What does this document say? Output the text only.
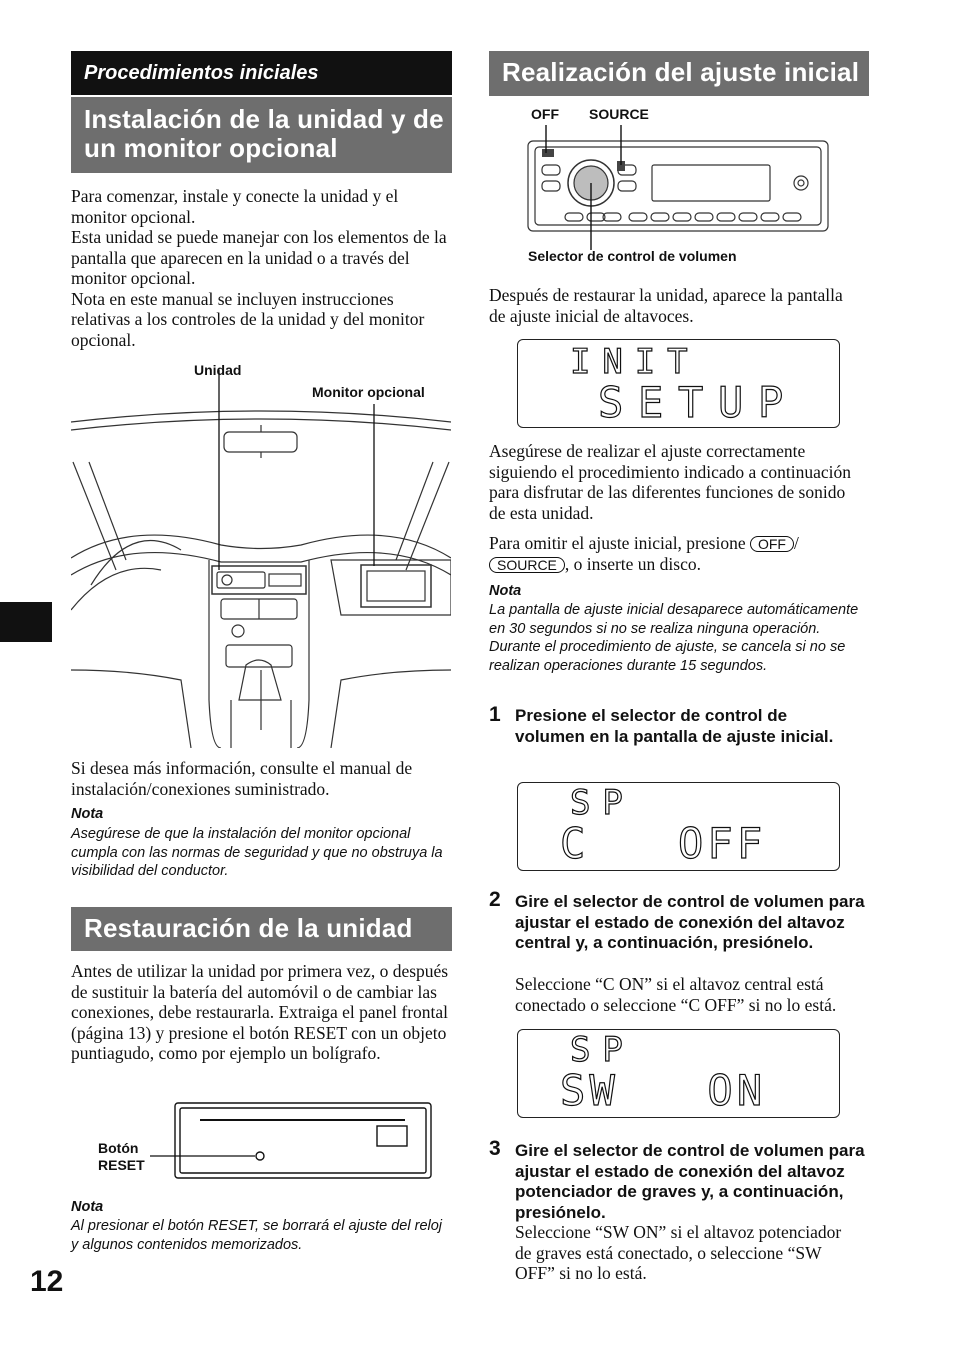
Procedimientos iniciales
Instalación de la unidad y de un monitor opcional
Para comenzar, instale y conecte la unidad y el monitor opcional.
Esta unidad se puede manejar con los elementos de la pantalla que aparecen en la unidad o a través del monitor opcional.
Nota en este manual se incluyen instrucciones relativas a los controles de la unidad y del monitor opcional.
Unidad
Monitor opcional
Si desea más información, consulte el manual de instalación/conexiones suministrado.
Nota
Asegúrese de que la instalación del monitor opcional cumpla con las normas de seguridad y que no obstruya la visibilidad del conductor.
Restauración de la unidad
Antes de utilizar la unidad por primera vez, o después de sustituir la batería del automóvil o de cambiar las conexiones, debe restaurarla. Extraiga el panel frontal (página 13) y presione el botón RESET con un objeto puntiagudo, como por ejemplo un bolígrafo.
Botón
RESET
Nota
Al presionar el botón RESET, se borrará el ajuste del reloj y algunos contenidos memorizados.
12
Realización del ajuste inicial
OFF SOURCE
Selector de control de volumen
Después de restaurar la unidad, aparece la pantalla de ajuste inicial de altavoces.
INIT
SETUP
Asegúrese de realizar el ajuste correctamente siguiendo el procedimiento indicado a continuación para disfrutar de las diferentes funciones de sonido de esta unidad.
Para omitir el ajuste inicial, presione OFF /
SOURCE , o inserte un disco.
Nota
La pantalla de ajuste inicial desaparece automáticamente en 30 segundos si no se realiza ninguna operación.
Durante el procedimiento de ajuste, se cancela si no se realizan operaciones durante 15 segundos.
1 Presione el selector de control de volumen en la pantalla de ajuste inicial.
SP
C   OFF
2 Gire el selector de control de volumen para ajustar el estado de conexión del altavoz central y, a continuación, presiónelo.
Seleccione “C ON” si el altavoz central está conectado o seleccione “C OFF” si no lo está.
SP
SW   ON
3 Gire el selector de control de volumen para ajustar el estado de conexión del altavoz potenciador de graves y, a continuación, presiónelo.
Seleccione “SW ON” si el altavoz potenciador de graves está conectado, o seleccione “SW OFF” si no lo está.
